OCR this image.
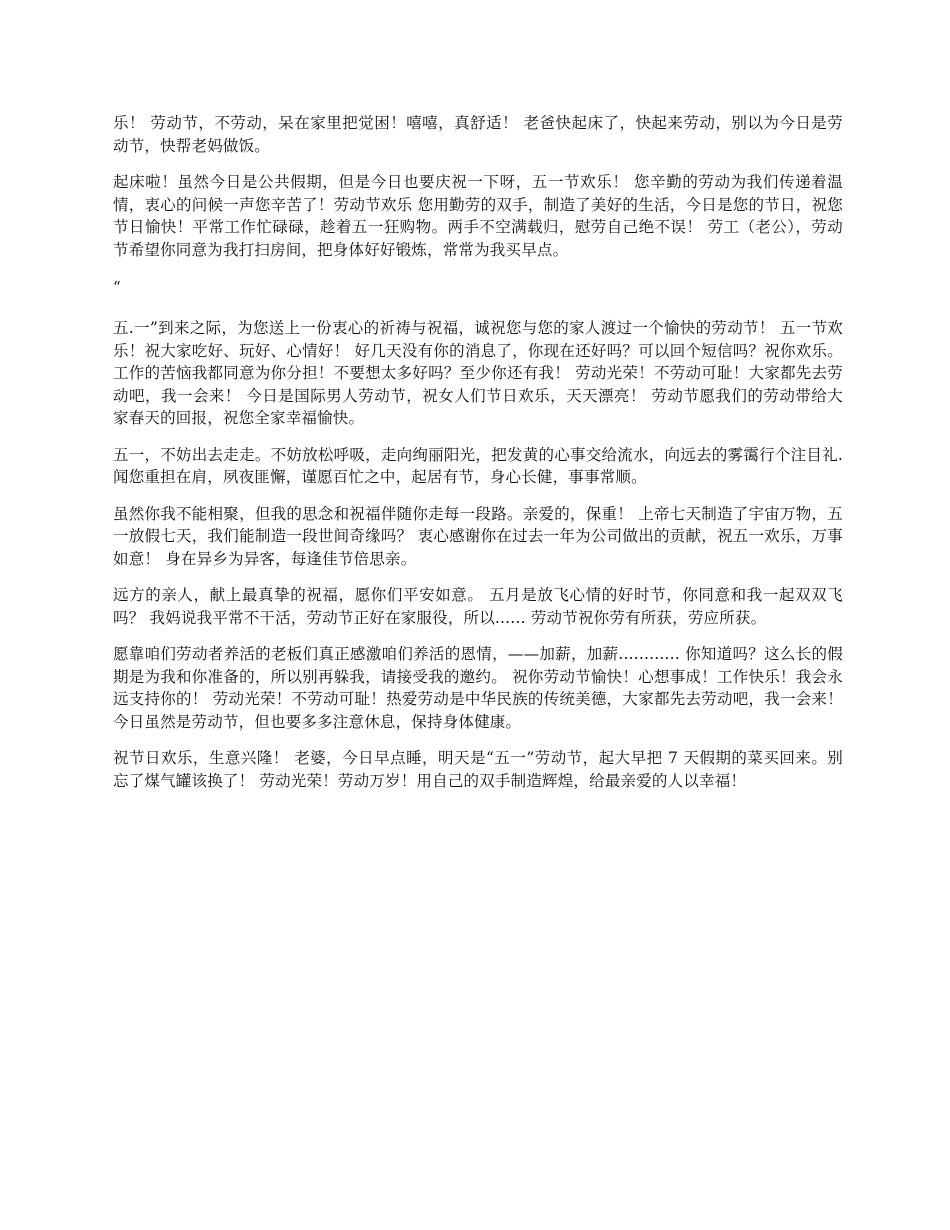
乐！ 劳动节，不劳动，呆在家里把觉困！嘻嘻，真舒适！ 老爸快起床了，快起来劳动，别以为今日是劳动节，快帮老妈做饭。

起床啦！虽然今日是公共假期，但是今日也要庆祝一下呀，五一节欢乐！ 您辛勤的劳动为我们传递着温情，衷心的问候一声您辛苦了！劳动节欢乐 您用勤劳的双手，制造了美好的生活，今日是您的节日，祝您节日愉快！平常工作忙碌碌，趁着五一狂购物。两手不空满载归，慰劳自己绝不误！ 劳工（老公），劳动节希望你同意为我打扫房间，把身体好好锻炼，常常为我买早点。

“

五.一”到来之际，为您送上一份衷心的祈祷与祝福，诚祝您与您的家人渡过一个愉快的劳动节！ 五一节欢乐！祝大家吃好、玩好、心情好！ 好几天没有你的消息了，你现在还好吗？可以回个短信吗？祝你欢乐。 工作的苦恼我都同意为你分担！不要想太多好吗？至少你还有我！ 劳动光荣！不劳动可耻！大家都先去劳动吧，我一会来！ 今日是国际男人劳动节，祝女人们节日欢乐，天天漂亮！ 劳动节愿我们的劳动带给大家春天的回报，祝您全家幸福愉快。

五一，不妨出去走走。不妨放松呼吸，走向绚丽阳光，把发黄的心事交给流水，向远去的雾霭行个注目礼.闻您重担在肩，夙夜匪懈，谨愿百忙之中，起居有节，身心长健，事事常顺。

虽然你我不能相聚，但我的思念和祝福伴随你走每一段路。亲爱的，保重！ 上帝七天制造了宇宙万物，五一放假七天，我们能制造一段世间奇缘吗？ 衷心感谢你在过去一年为公司做出的贡献，祝五一欢乐，万事如意！ 身在异乡为异客，每逢佳节倍思亲。

远方的亲人，献上最真挚的祝福，愿你们平安如意。 五月是放飞心情的好时节，你同意和我一起双双飞吗？ 我妈说我平常不干活，劳动节正好在家服役，所以...... 劳动节祝你劳有所获，劳应所获。

愿靠咱们劳动者养活的老板们真正感激咱们养活的恩情，——加薪，加薪............ 你知道吗？这么长的假期是为我和你准备的，所以别再躲我，请接受我的邀约。 祝你劳动节愉快！心想事成！工作快乐！我会永远支持你的！ 劳动光荣！不劳动可耻！热爱劳动是中华民族的传统美德，大家都先去劳动吧，我一会来！ 今日虽然是劳动节，但也要多多注意休息，保持身体健康。

祝节日欢乐，生意兴隆！ 老婆，今日早点睡，明天是“五一”劳动节，起大早把 7 天假期的菜买回来。别忘了煤气罐该换了！ 劳动光荣！劳动万岁！用自己的双手制造辉煌，给最亲爱的人以幸福！
